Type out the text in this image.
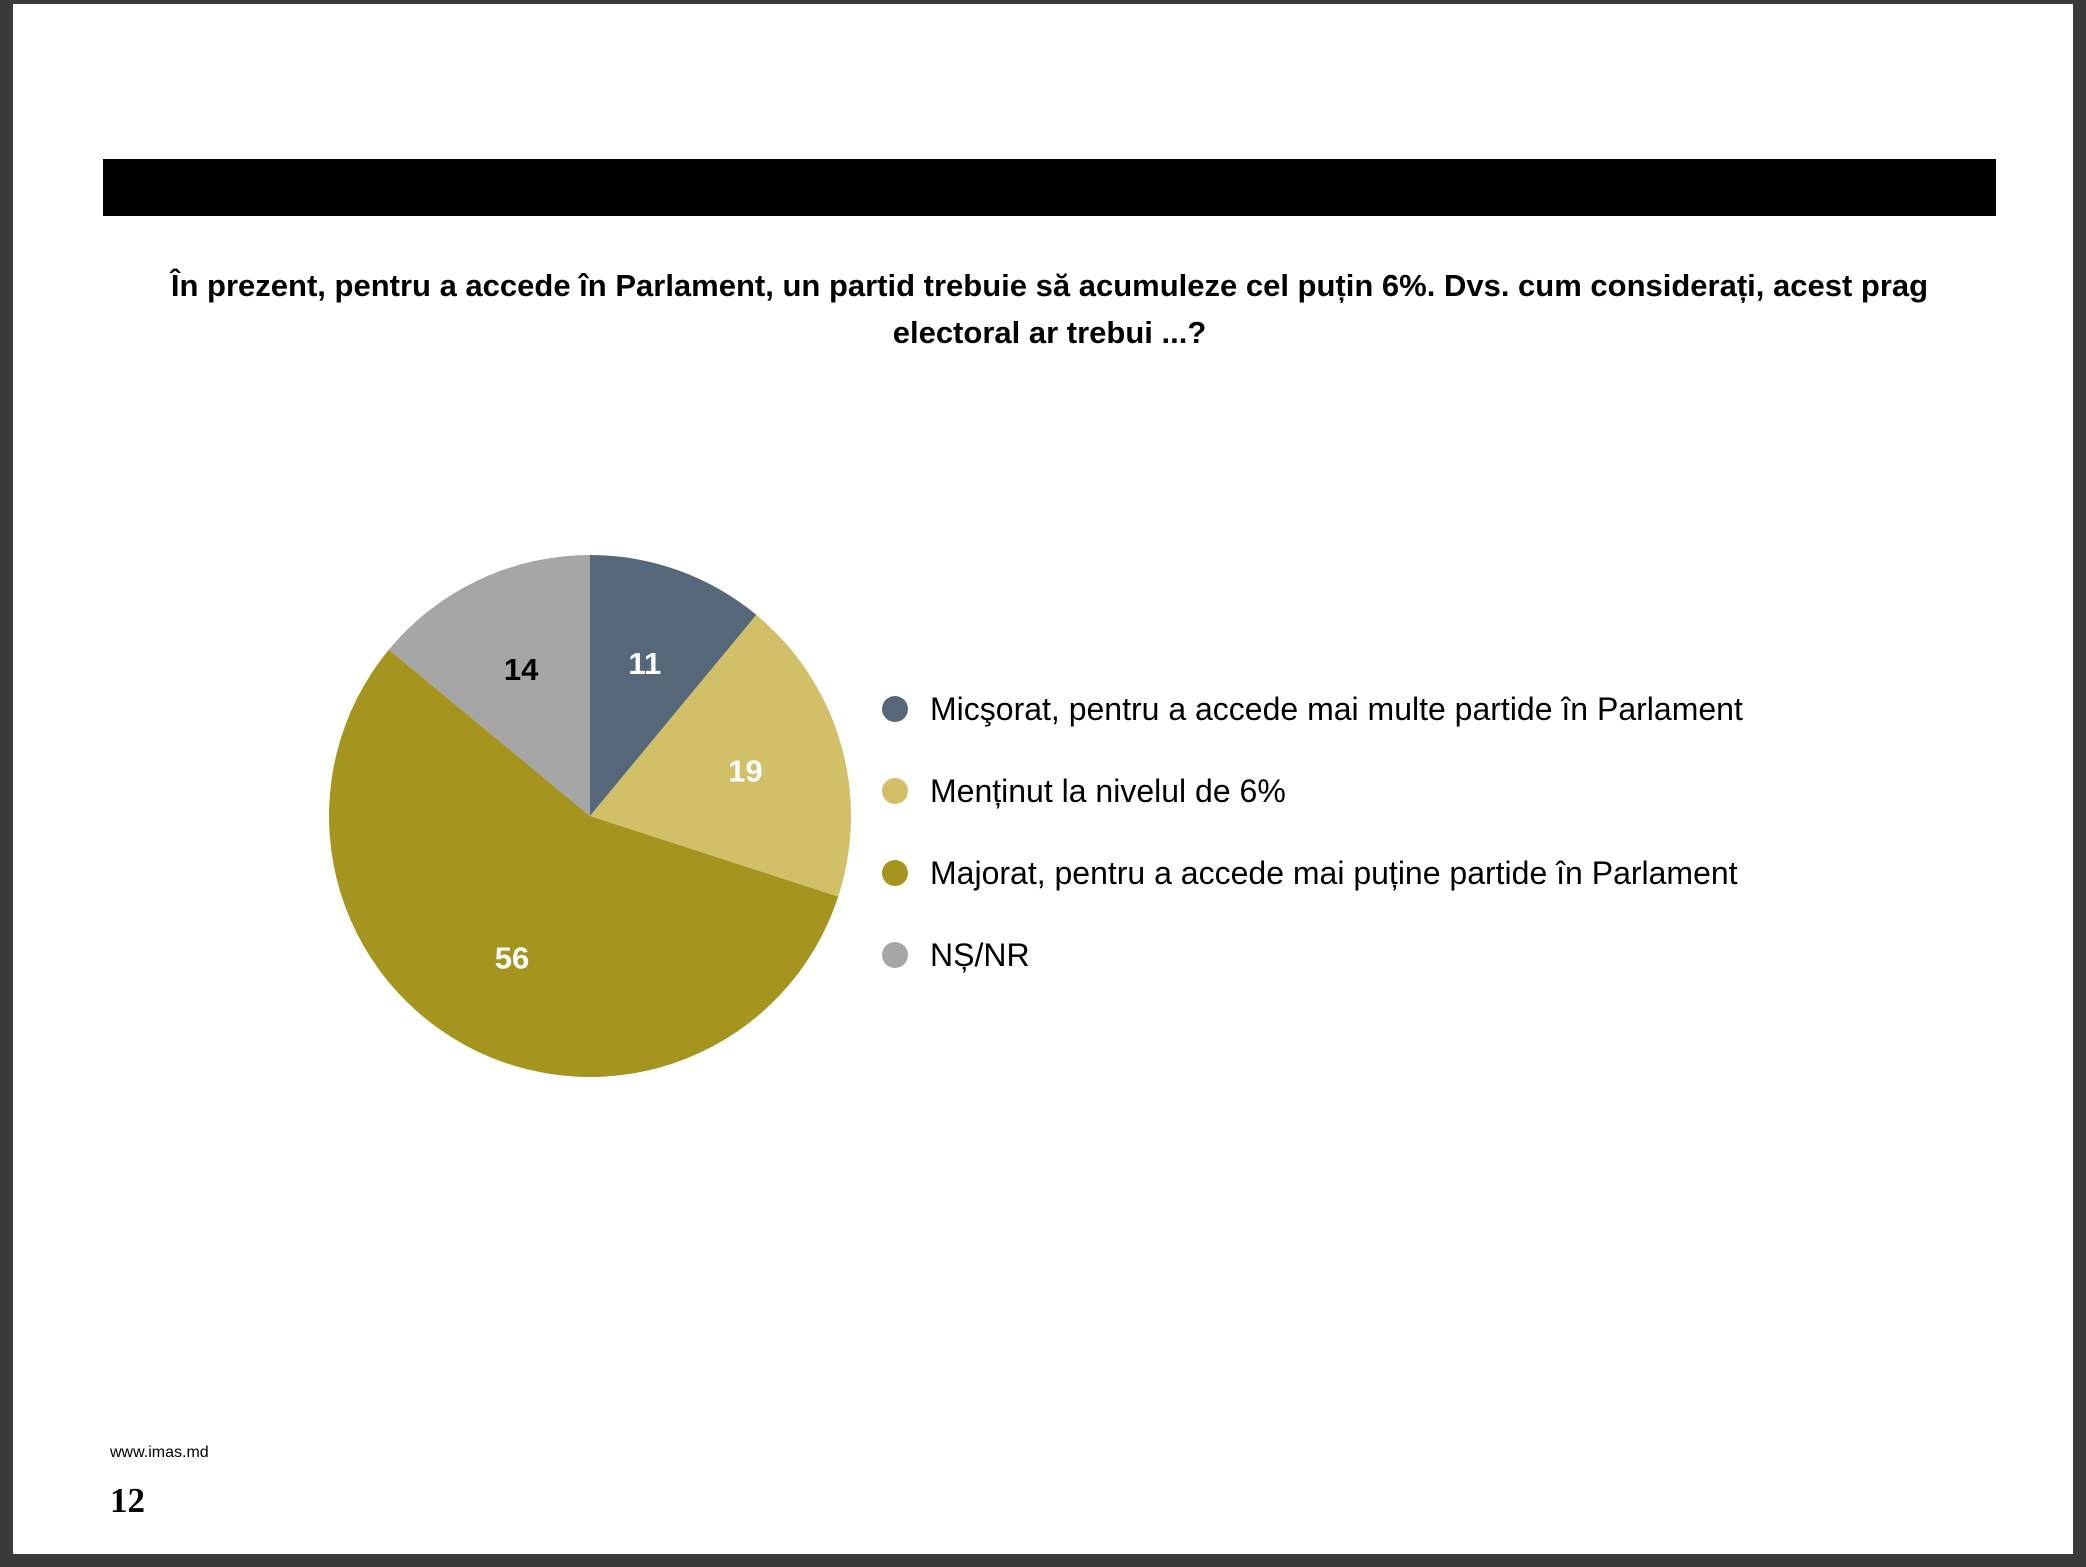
În prezent, pentru a accede în Parlament, un partid trebuie să acumuleze cel puțin 6%. Dvs. cum considerați, acest prag electoral ar trebui ...?
11
19
56
14
Micşorat, pentru a accede mai multe partide în Parlament
Menținut la nivelul de 6%
Majorat, pentru a accede mai puține partide în Parlament
NȘ/NR
www.imas.md
12
